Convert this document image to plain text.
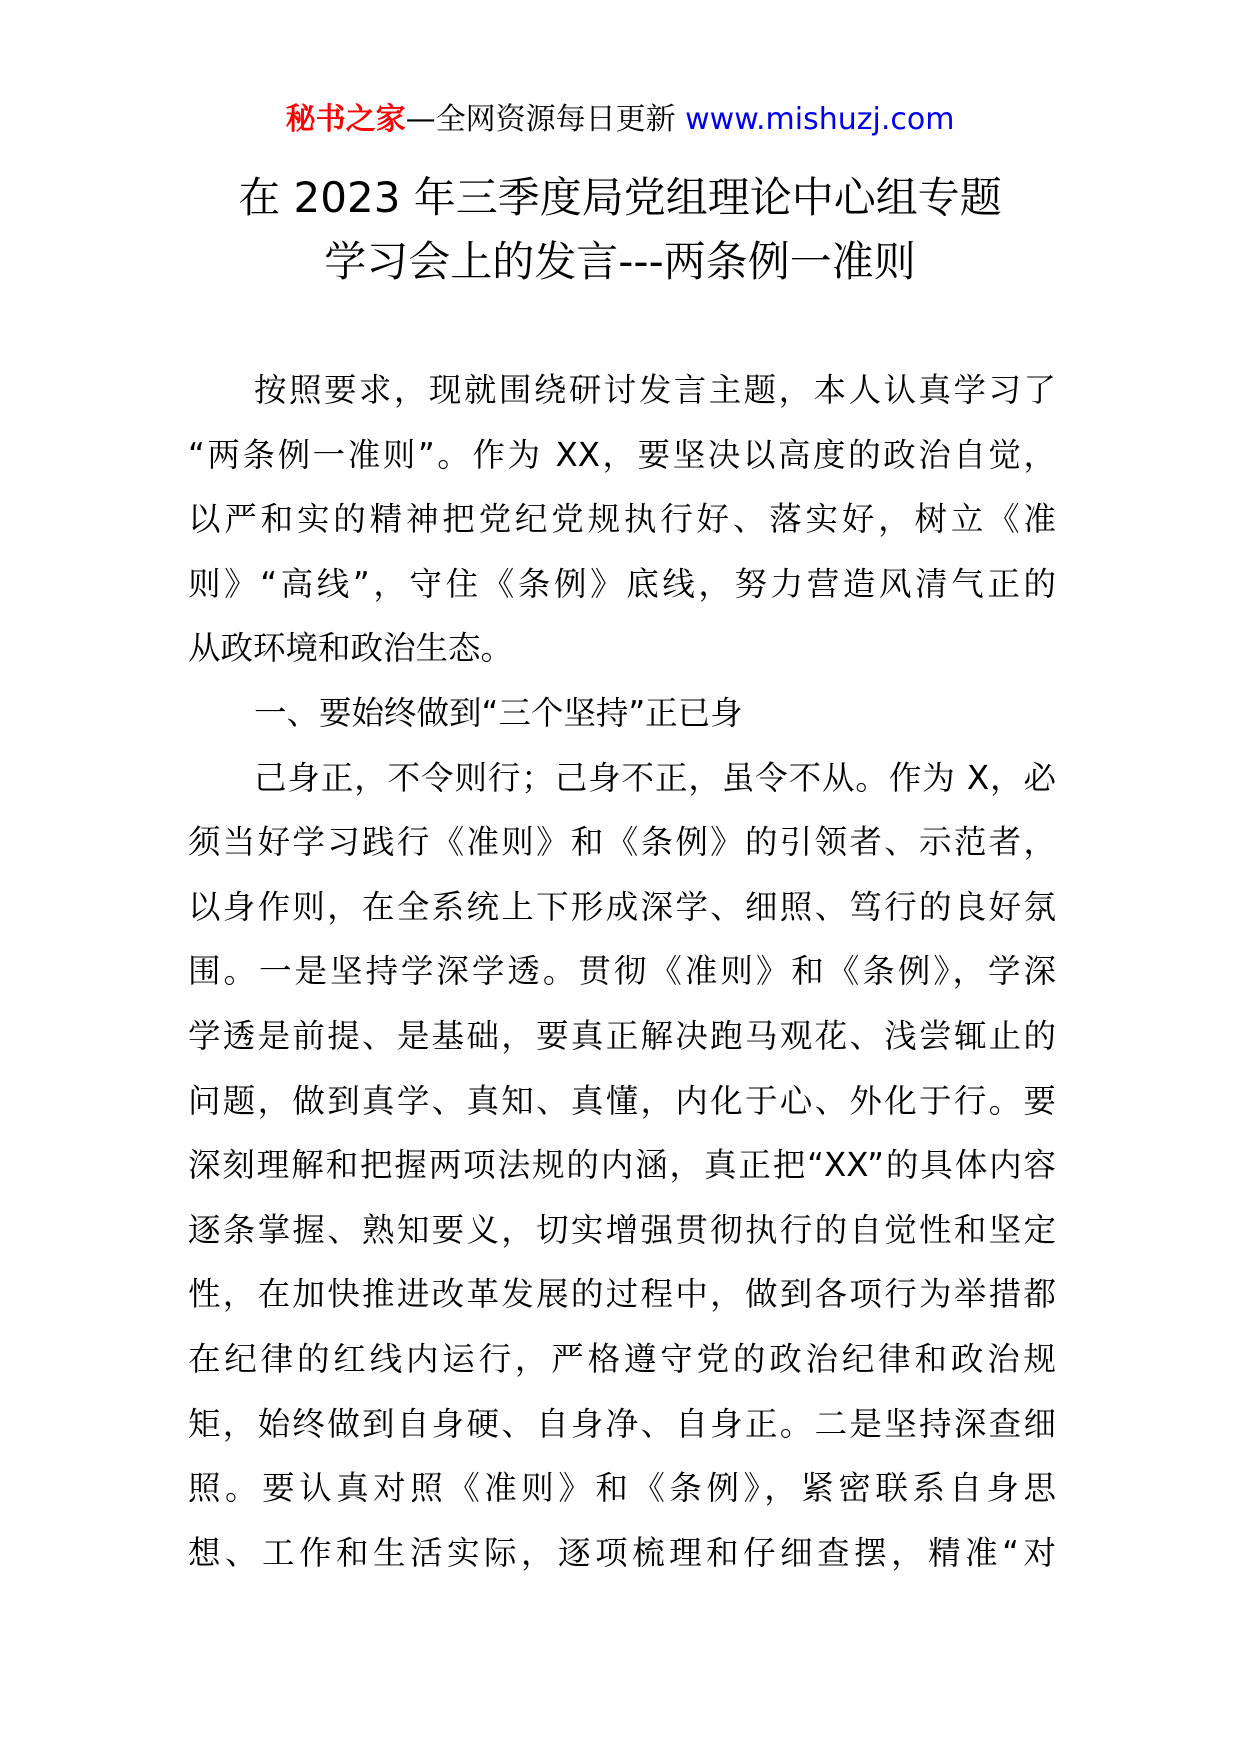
秘书之家—全网资源每日更新 www.mishuzj.com
在 2023 年三季度局党组理论中心组专题
学习会上的发言---两条例一准则
按照要求，现就围绕研讨发言主题，本人认真学习了
“两条例一准则”。作为 XX，要坚决以高度的政治自觉，
以严和实的精神把党纪党规执行好、落实好，树立《准
则》“高线”，守住《条例》底线，努力营造风清气正的
从政环境和政治生态。
一、要始终做到“三个坚持”正已身
己身正，不令则行；己身不正，虽令不从。作为 X，必
须当好学习践行《准则》和《条例》的引领者、示范者，
以身作则，在全系统上下形成深学、细照、笃行的良好氛
围。一是坚持学深学透。贯彻《准则》和《条例》，学深
学透是前提、是基础，要真正解决跑马观花、浅尝辄止的
问题，做到真学、真知、真懂，内化于心、外化于行。要
深刻理解和把握两项法规的内涵，真正把“XX”的具体内容
逐条掌握、熟知要义，切实增强贯彻执行的自觉性和坚定
性，在加快推进改革发展的过程中，做到各项行为举措都
在纪律的红线内运行，严格遵守党的政治纪律和政治规
矩，始终做到自身硬、自身净、自身正。二是坚持深查细
照。要认真对照《准则》和《条例》，紧密联系自身思
想、工作和生活实际，逐项梳理和仔细查摆，精准“对
